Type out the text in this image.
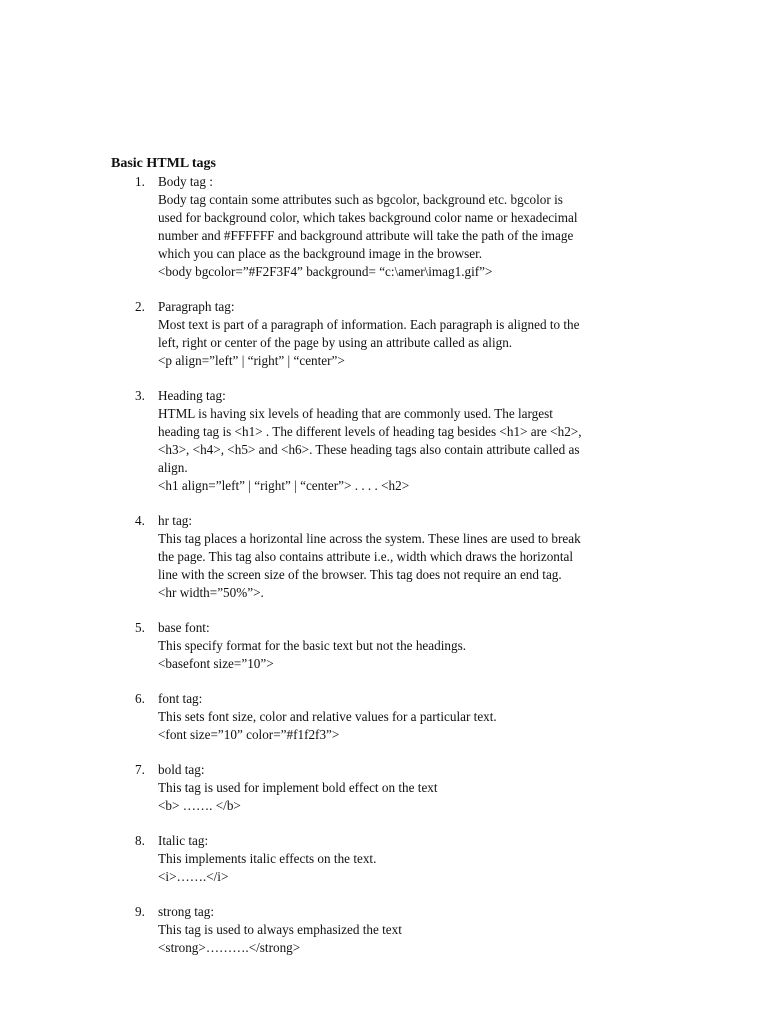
Basic HTML tags
1. Body tag :
Body tag contain some attributes such as bgcolor, background etc. bgcolor is
used for background color, which takes background color name or hexadecimal
number and #FFFFFF and background attribute will take the path of the image
which you can place as the background image in the browser.
<body bgcolor=”#F2F3F4” background= “c:\amer\imag1.gif”>
2. Paragraph tag:
Most text is part of a paragraph of information. Each paragraph is aligned to the
left, right or center of the page by using an attribute called as align.
<p align=”left” | “right” | “center”>
3. Heading tag:
HTML is having six levels of heading that are commonly used. The largest
heading tag is <h1> . The different levels of heading tag besides <h1> are <h2>,
<h3>, <h4>, <h5> and <h6>. These heading tags also contain attribute called as
align.
<h1 align=”left” | “right” | “center”> . . . . <h2>
4. hr tag:
This tag places a horizontal line across the system. These lines are used to break
the page. This tag also contains attribute i.e., width which draws the horizontal
line with the screen size of the browser. This tag does not require an end tag.
<hr width=”50%”>.
5. base font:
This specify format for the basic text but not the headings.
<basefont size=”10”>
6. font tag:
This sets font size, color and relative values for a particular text.
<font size=”10” color=”#f1f2f3”>
7. bold tag:
This tag is used for implement bold effect on the text
<b> ……. </b>
8. Italic tag:
This implements italic effects on the text.
<i>…….</i>
9. strong tag:
This tag is used to always emphasized the text
<strong>……….</strong>
